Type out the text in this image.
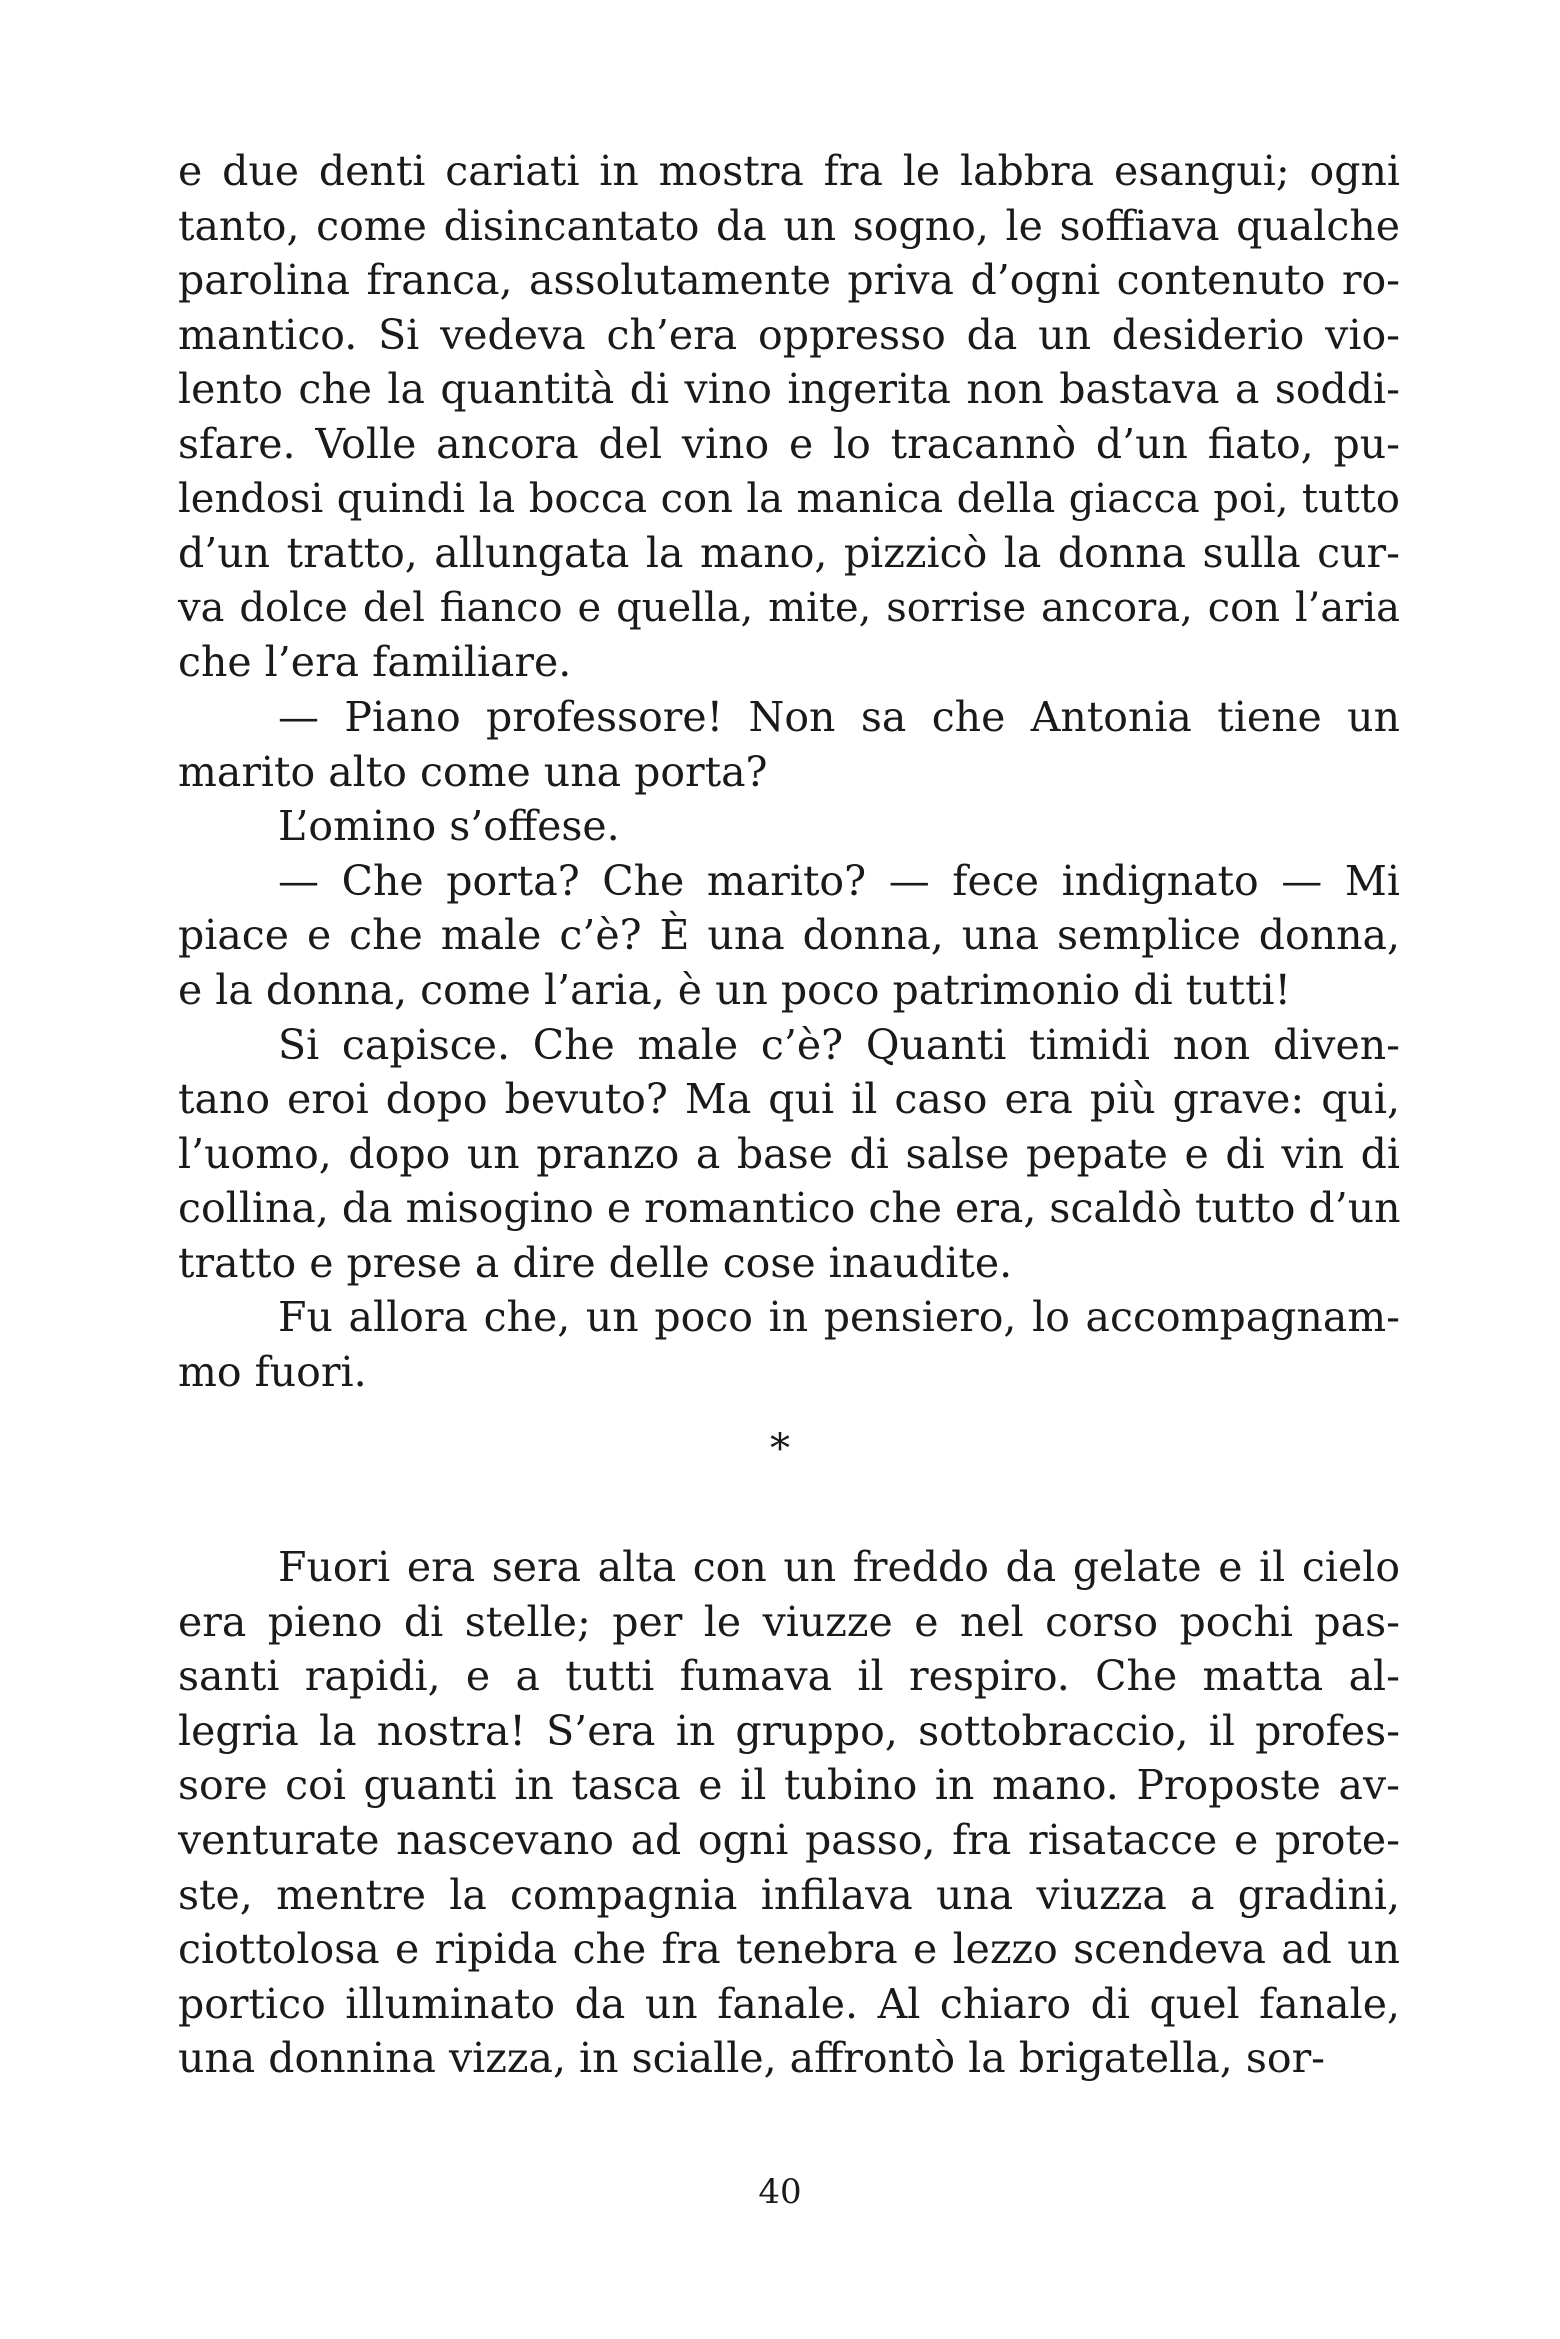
e due denti cariati in mostra fra le labbra esangui; ogni
tanto, come disincantato da un sogno, le soffiava qualche
parolina franca, assolutamente priva d’ogni contenuto ro-
mantico. Si vedeva ch’era oppresso da un desiderio vio-
lento che la quantità di vino ingerita non bastava a soddi-
sfare. Volle ancora del vino e lo tracannò d’un fiato, pu-
lendosi quindi la bocca con la manica della giacca poi, tutto
d’un tratto, allungata la mano, pizzicò la donna sulla cur-
va dolce del fianco e quella, mite, sorrise ancora, con l’aria
che l’era familiare.
— Piano professore! Non sa che Antonia tiene un
marito alto come una porta?
L’omino s’offese.
— Che porta? Che marito? — fece indignato — Mi
piace e che male c’è? È una donna, una semplice donna,
e la donna, come l’aria, è un poco patrimonio di tutti!
Si capisce. Che male c’è? Quanti timidi non diven-
tano eroi dopo bevuto? Ma qui il caso era più grave: qui,
l’uomo, dopo un pranzo a base di salse pepate e di vin di
collina, da misogino e romantico che era, scaldò tutto d’un
tratto e prese a dire delle cose inaudite.
Fu allora che, un poco in pensiero, lo accompagnam-
mo fuori.
*
Fuori era sera alta con un freddo da gelate e il cielo
era pieno di stelle; per le viuzze e nel corso pochi pas-
santi rapidi, e a tutti fumava il respiro. Che matta al-
legria la nostra! S’era in gruppo, sottobraccio, il profes-
sore coi guanti in tasca e il tubino in mano. Proposte av-
venturate nascevano ad ogni passo, fra risatacce e prote-
ste, mentre la compagnia infilava una viuzza a gradini,
ciottolosa e ripida che fra tenebra e lezzo scendeva ad un
portico illuminato da un fanale. Al chiaro di quel fanale,
una donnina vizza, in scialle, affrontò la brigatella, sor-
40
